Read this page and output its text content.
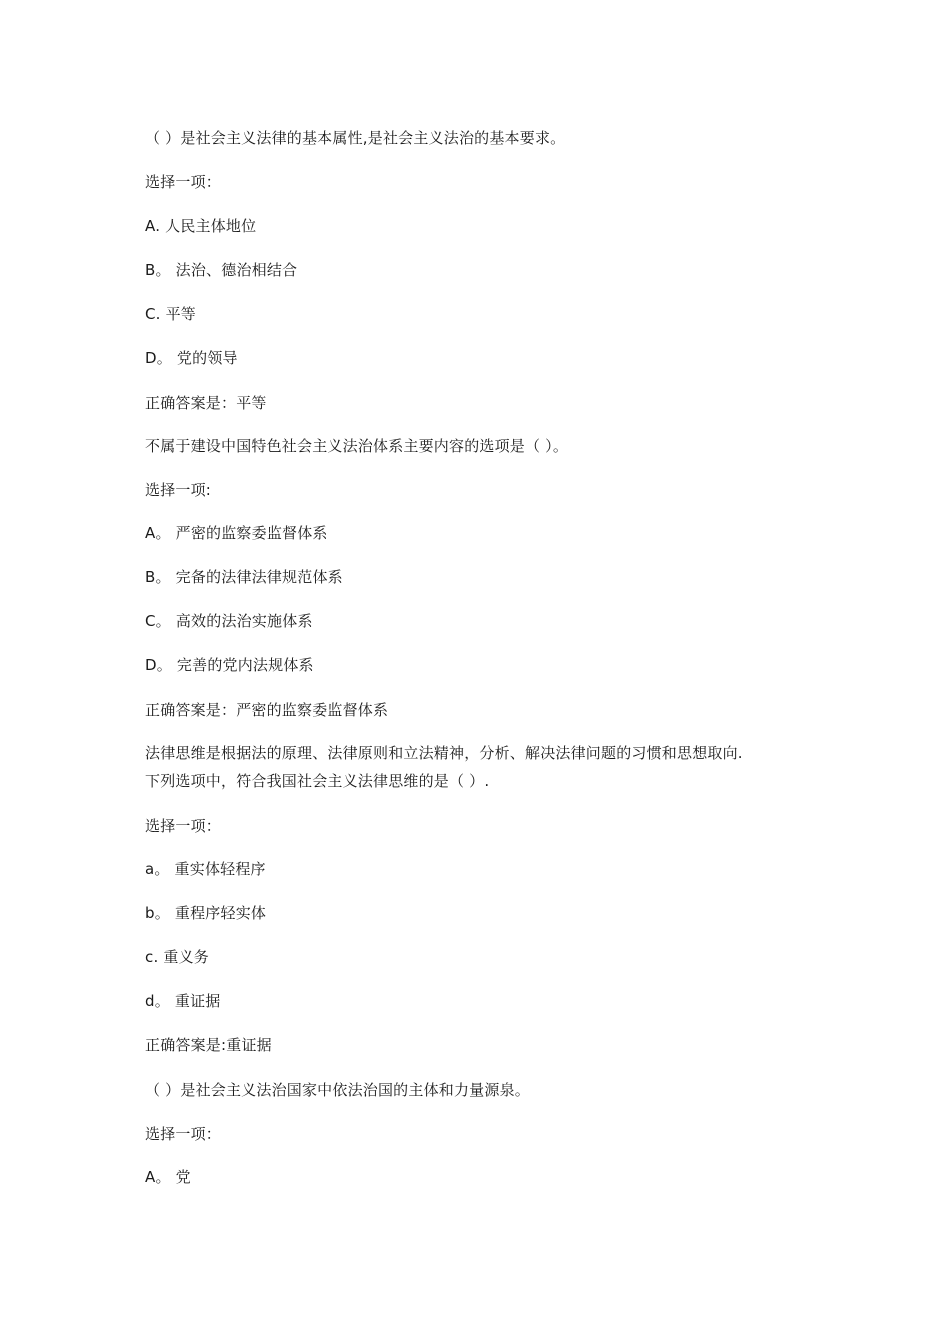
（ ）是社会主义法律的基本属性,是社会主义法治的基本要求。
选择一项：
A. 人民主体地位
B。 法治、德治相结合
C. 平等
D。 党的领导
正确答案是：平等
不属于建设中国特色社会主义法治体系主要内容的选项是（ ）。
选择一项:
A。 严密的监察委监督体系
B。 完备的法律法律规范体系
C。 高效的法治实施体系
D。 完善的党内法规体系
正确答案是：严密的监察委监督体系
法律思维是根据法的原理、法律原则和立法精神，分析、解决法律问题的习惯和思想取向.
下列选项中，符合我国社会主义法律思维的是（ ）.
选择一项：
a。 重实体轻程序
b。 重程序轻实体
c. 重义务
d。 重证据
正确答案是:重证据
（ ）是社会主义法治国家中依法治国的主体和力量源泉。
选择一项：
A。 党
